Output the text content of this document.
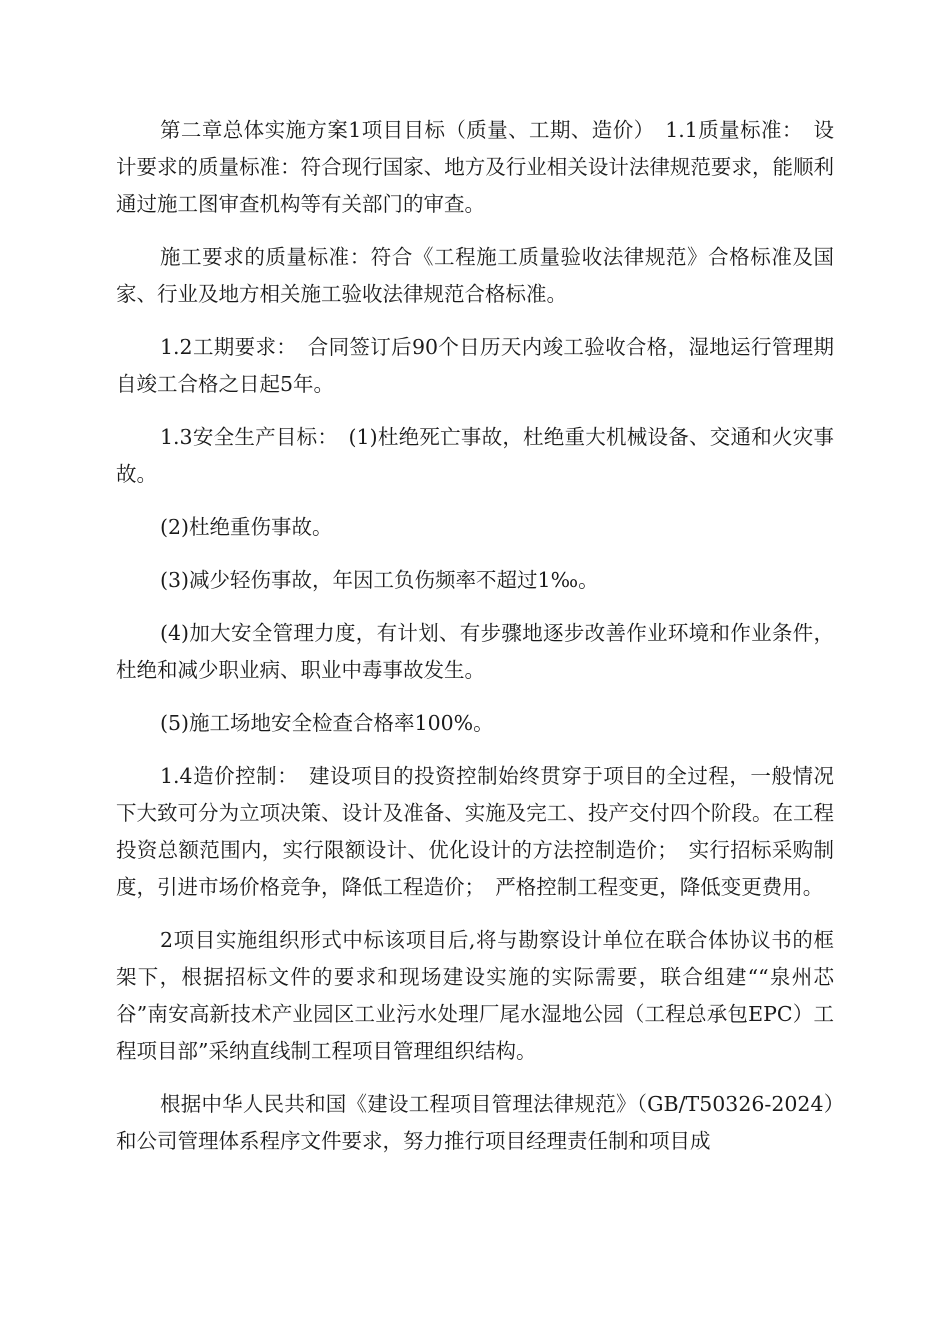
第二章总体实施方案1项目目标（质量、工期、造价）　1.1质量标准：　设计要求的质量标准：符合现行国家、地方及行业相关设计法律规范要求，能顺利通过施工图审查机构等有关部门的审查。

施工要求的质量标准：符合《工程施工质量验收法律规范》合格标准及国家、行业及地方相关施工验收法律规范合格标准。

1.2工期要求：　合同签订后90个日历天内竣工验收合格，湿地运行管理期自竣工合格之日起5年。

1.3安全生产目标：　(1)杜绝死亡事故，杜绝重大机械设备、交通和火灾事故。

(2)杜绝重伤事故。

(3)减少轻伤事故，年因工负伤频率不超过1‰。

(4)加大安全管理力度，有计划、有步骤地逐步改善作业环境和作业条件，杜绝和减少职业病、职业中毒事故发生。

(5)施工场地安全检查合格率100%。

1.4造价控制：　建设项目的投资控制始终贯穿于项目的全过程，一般情况下大致可分为立项决策、设计及准备、实施及完工、投产交付四个阶段。在工程投资总额范围内，实行限额设计、优化设计的方法控制造价；　实行招标采购制度，引进市场价格竞争，降低工程造价；　严格控制工程变更，降低变更费用。

2项目实施组织形式中标该项目后,将与勘察设计单位在联合体协议书的框架下，根据招标文件的要求和现场建设实施的实际需要，联合组建““泉州芯谷”南安高新技术产业园区工业污水处理厂尾水湿地公园（工程总承包EPC）工程项目部”采纳直线制工程项目管理组织结构。

根据中华人民共和国《建设工程项目管理法律规范》（GB/T50326-2024）和公司管理体系程序文件要求，努力推行项目经理责任制和项目成
